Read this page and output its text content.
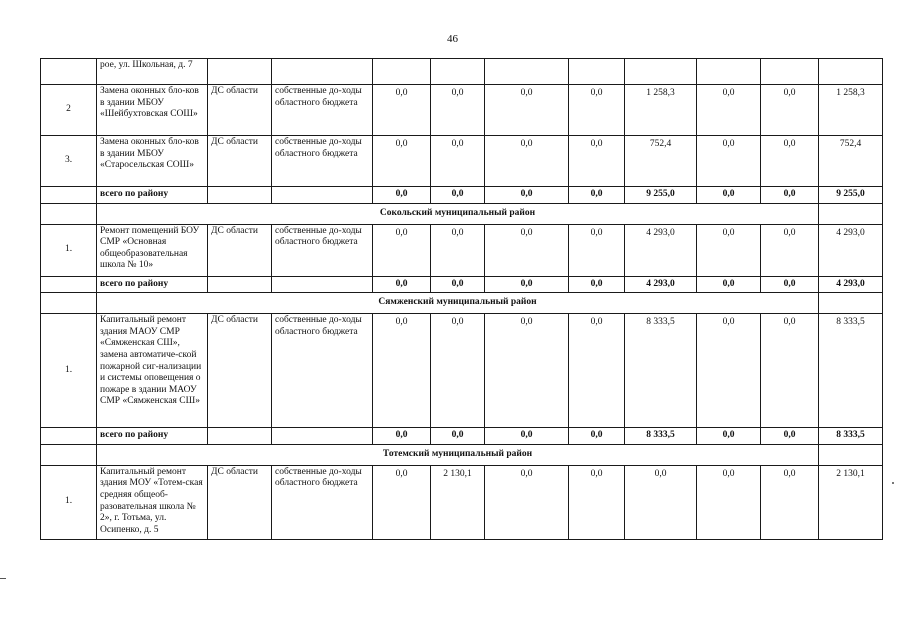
46
	рое, ул. Школьная, д. 7										
2	Замена оконных бло-ков в здании МБОУ «Шейбухтовская СОШ»	ДС области	собственные до-ходы областного бюджета	0,0	0,0	0,0	0,0	1 258,3	0,0	0,0	1 258,3
3.	Замена оконных бло-ков в здании МБОУ «Старосельская СОШ»	ДС области	собственные до-ходы областного бюджета	0,0	0,0	0,0	0,0	752,4	0,0	0,0	752,4
	всего по району			0,0	0,0	0,0	0,0	9 255,0	0,0	0,0	9 255,0
	Сокольский муниципальный район										
1.	Ремонт помещений БОУ СМР «Основная общеобразовательная школа № 10»	ДС области	собственные до-ходы областного бюджета	0,0	0,0	0,0	0,0	4 293,0	0,0	0,0	4 293,0
	всего по району			0,0	0,0	0,0	0,0	4 293,0	0,0	0,0	4 293,0
	Сямженский муниципальный район										
1.	Капитальный ремонт здания МАОУ СМР «Сямженская СШ», замена автоматиче-ской пожарной сиг-нализации и системы оповещения о пожаре в здании МАОУ СМР «Сямженская СШ»	ДС области	собственные до-ходы областного бюджета	0,0	0,0	0,0	0,0	8 333,5	0,0	0,0	8 333,5
	всего по району			0,0	0,0	0,0	0,0	8 333,5	0,0	0,0	8 333,5
	Тотемский муниципальный район										
1.	Капитальный ремонт здания МОУ «Тотем-ская средняя общеоб-разовательная школа № 2», г. Тотьма, ул. Осипенко, д. 5	ДС области	собственные до-ходы областного бюджета	0,0	2 130,1	0,0	0,0	0,0	0,0	0,0	2 130,1
